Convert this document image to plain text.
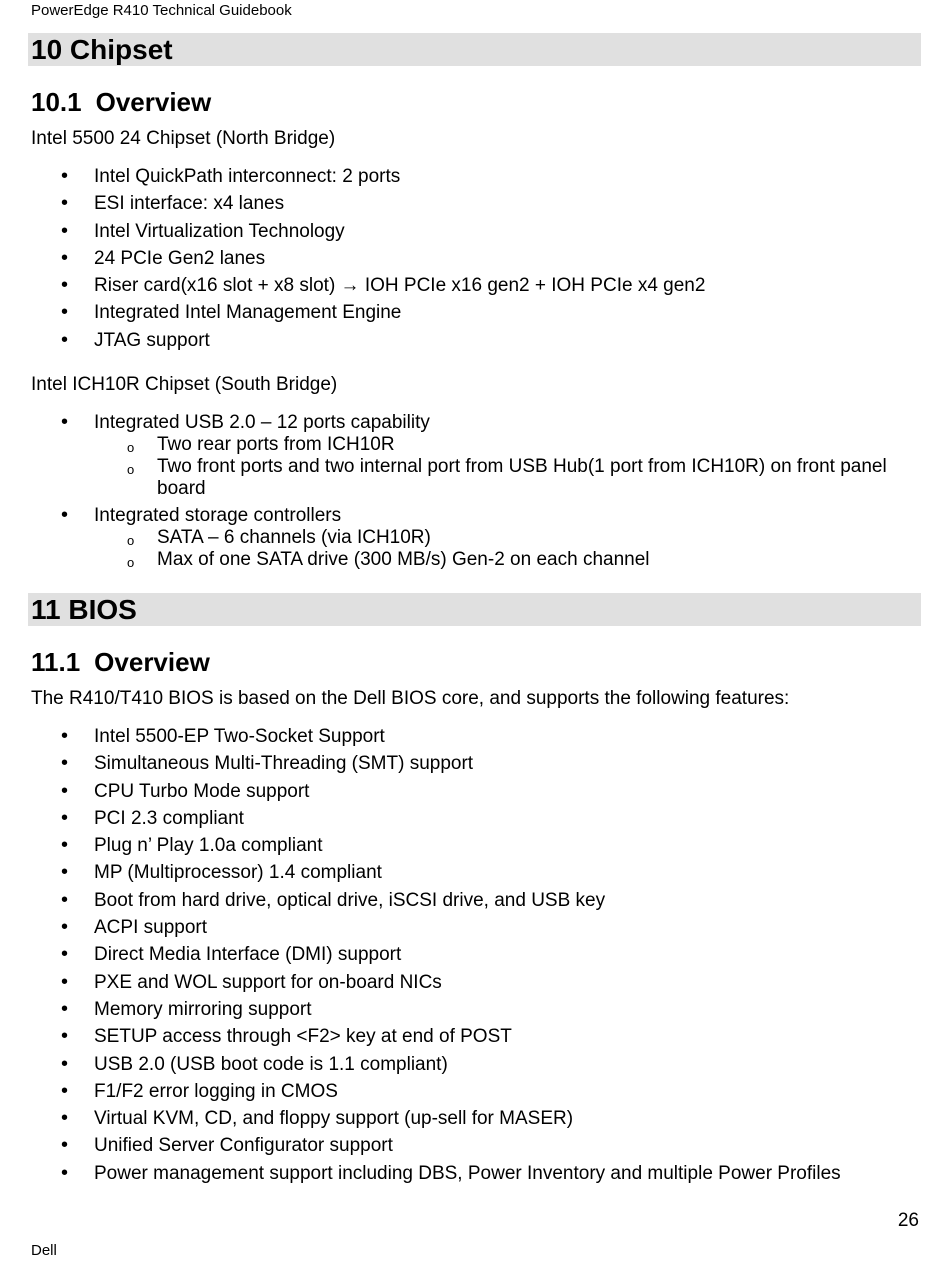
PowerEdge R410 Technical Guidebook
10 Chipset
10.1 Overview

Intel 5500 24 Chipset (North Bridge)

• Intel QuickPath interconnect: 2 ports
• ESI interface: x4 lanes
• Intel Virtualization Technology
• 24 PCIe Gen2 lanes
• Riser card(x16 slot + x8 slot) → IOH PCIe x16 gen2 + IOH PCIe x4 gen2
• Integrated Intel Management Engine
• JTAG support

Intel ICH10R Chipset (South Bridge)

• Integrated USB 2.0 – 12 ports capability
o Two rear ports from ICH10R
o Two front ports and two internal port from USB Hub(1 port from ICH10R) on front panel board
• Integrated storage controllers
o SATA – 6 channels (via ICH10R)
o Max of one SATA drive (300 MB/s) Gen-2 on each channel
11 BIOS
11.1 Overview

The R410/T410 BIOS is based on the Dell BIOS core, and supports the following features:

• Intel 5500-EP Two-Socket Support
• Simultaneous Multi-Threading (SMT) support
• CPU Turbo Mode support
• PCI 2.3 compliant
• Plug n’ Play 1.0a compliant
• MP (Multiprocessor) 1.4 compliant
• Boot from hard drive, optical drive, iSCSI drive, and USB key
• ACPI support
• Direct Media Interface (DMI) support
• PXE and WOL support for on-board NICs
• Memory mirroring support
• SETUP access through <F2> key at end of POST
• USB 2.0 (USB boot code is 1.1 compliant)
• F1/F2 error logging in CMOS
• Virtual KVM, CD, and floppy support (up-sell for MASER)
• Unified Server Configurator support
• Power management support including DBS, Power Inventory and multiple Power Profiles
26
Dell
